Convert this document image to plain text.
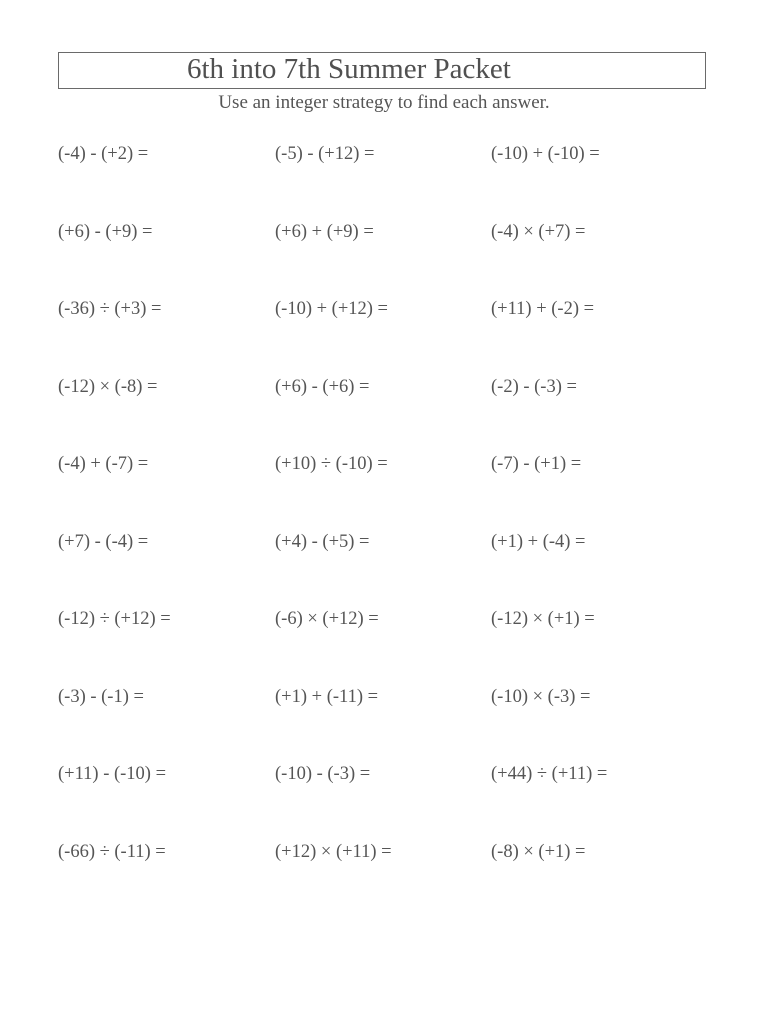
6th into 7th Summer Packet
Use an integer strategy to find each answer.
(-4) - (+2) =	(-5) - (+12) =	(-10) + (-10) =
(+6) - (+9) =	(+6) + (+9) =	(-4) × (+7) =
(-36) ÷ (+3) =	(-10) + (+12) =	(+11) + (-2) =
(-12) × (-8) =	(+6) - (+6) =	(-2) - (-3) =
(-4) + (-7) =	(+10) ÷ (-10) =	(-7) - (+1) =
(+7) - (-4) =	(+4) - (+5) =	(+1) + (-4) =
(-12) ÷ (+12) =	(-6) × (+12) =	(-12) × (+1) =
(-3) - (-1) =	(+1) + (-11) =	(-10) × (-3) =
(+11) - (-10) =	(-10) - (-3) =	(+44) ÷ (+11) =
(-66) ÷ (-11) =	(+12) × (+11) =	(-8) × (+1) =
